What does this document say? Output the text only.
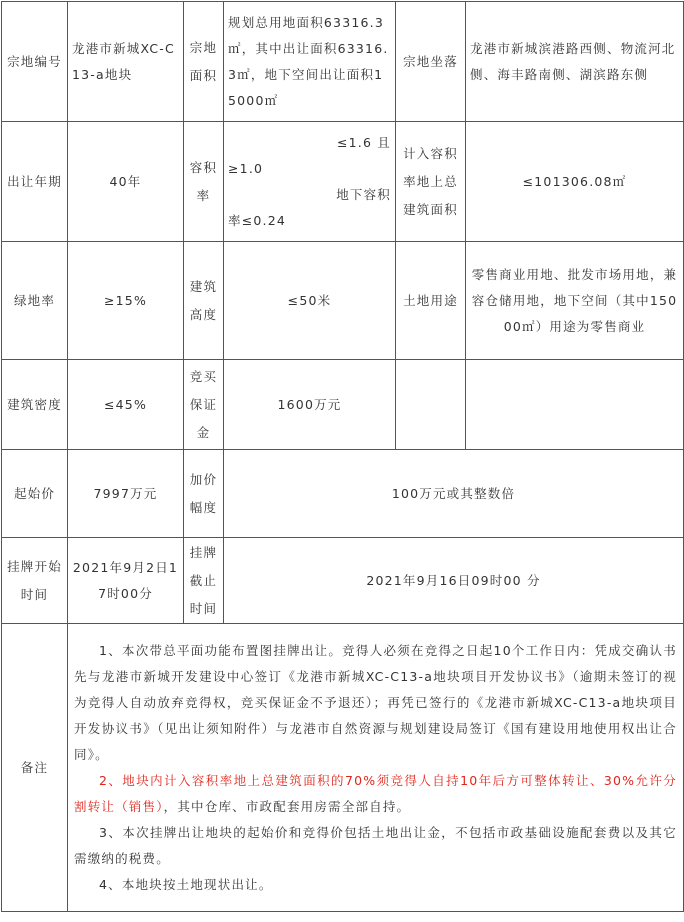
宗地编号	龙港市新城XC-C13-a地块	宗地面积	规划总用地面积63316.3㎡，其中出让面积63316.3㎡，地下空间出让面积15000㎡	宗地坐落	龙港市新城滨港路西侧、物流河北侧、海丰路南侧、湖滨路东侧
出让年期	40年	容积率	≤1.6 且
≥1.0
地下容积
率≤0.24	计入容积率地上总建筑面积	≤101306.08㎡
绿地率	≥15%	建筑高度	≤50米	土地用途	零售商业用地、批发市场用地，兼容仓储用地，地下空间（其中15000㎡）用途为零售商业
建筑密度	≤45%	竞买保证金	1600万元		
起始价	7997万元	加价幅度	100万元或其整数倍		
挂牌开始时间	2021年9月2日17时00分	挂牌截止时间	2021年9月16日09时00 分		
备注	1、本次带总平面功能布置图挂牌出让。竞得人必须在竞得之日起10个工作日内：凭成交确认书先与龙港市新城开发建设中心签订《龙港市新城XC-C13-a地块项目开发协议书》（逾期未签订的视为竞得人自动放弃竞得权，竞买保证金不予退还）；再凭已签行的《龙港市新城XC-C13-a地块项目开发协议书》（见出让须知附件）与龙港市自然资源与规划建设局签订《国有建设用地使用权出让合同》。

2、地块内计入容积率地上总建筑面积的70%须竞得人自持10年后方可整体转让、30%允许分割转让（销售），其中仓库、市政配套用房需全部自持。

3、本次挂牌出让地块的起始价和竞得价包括土地出让金，不包括市政基础设施配套费以及其它需缴纳的税费。

4、本地块按土地现状出让。				
